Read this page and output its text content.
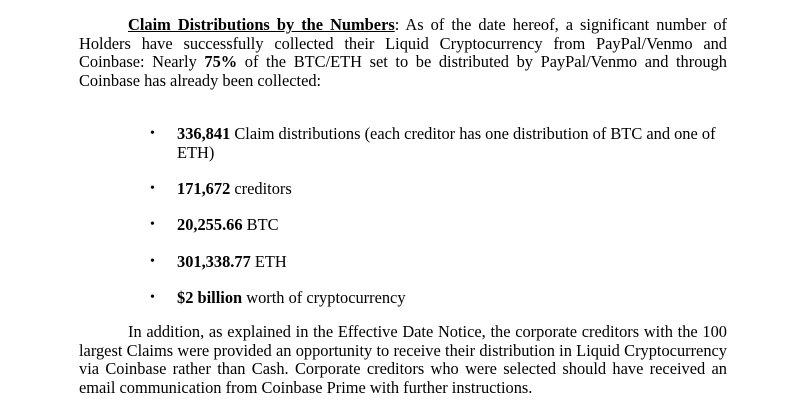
Claim Distributions by the Numbers: As of the date hereof, a significant number of Holders have successfully collected their Liquid Cryptocurrency from PayPal/Venmo and Coinbase: Nearly 75% of the BTC/ETH set to be distributed by PayPal/Venmo and through Coinbase has already been collected:

• 336,841 Claim distributions (each creditor has one distribution of BTC and one of ETH)
• 171,672 creditors
• 20,255.66 BTC
• 301,338.77 ETH
• $2 billion worth of cryptocurrency

In addition, as explained in the Effective Date Notice, the corporate creditors with the 100 largest Claims were provided an opportunity to receive their distribution in Liquid Cryptocurrency via Coinbase rather than Cash. Corporate creditors who were selected should have received an email communication from Coinbase Prime with further instructions.
